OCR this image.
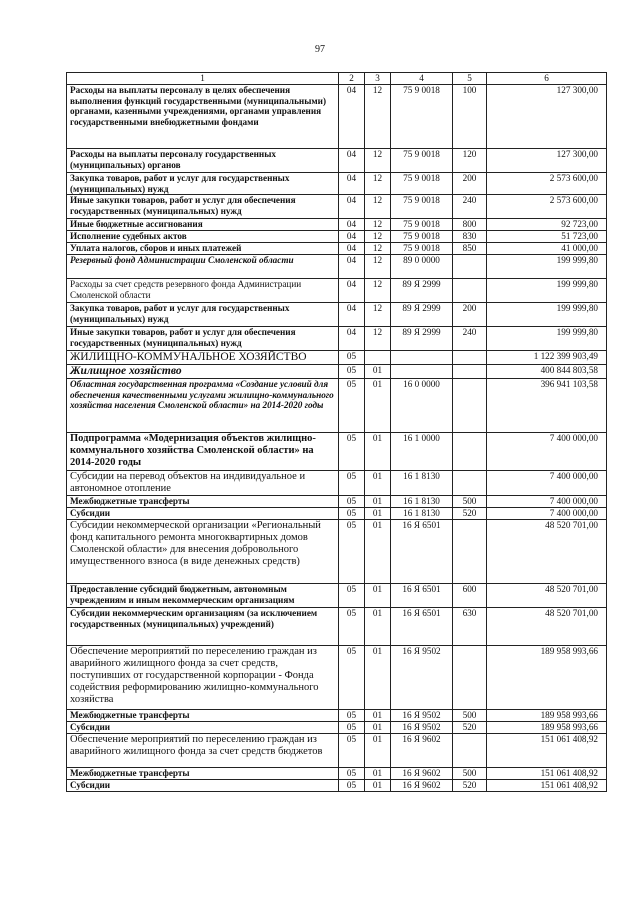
97
1	2	3	4	5	6
Расходы на выплаты персоналу в целях обеспечения выполнения функций государственными (муниципальными) органами, казенными учреждениями, органами управления государственными внебюджетными фондами	04	12	75 9 0018	100	127 300,00
Расходы на выплаты персоналу государственных (муниципальных) органов	04	12	75 9 0018	120	127 300,00
Закупка товаров, работ и услуг для государственных (муниципальных) нужд	04	12	75 9 0018	200	2 573 600,00
Иные закупки товаров, работ и услуг для обеспечения государственных (муниципальных) нужд	04	12	75 9 0018	240	2 573 600,00
Иные бюджетные ассигнования	04	12	75 9 0018	800	92 723,00
Исполнение судебных актов	04	12	75 9 0018	830	51 723,00
Уплата налогов, сборов и иных платежей	04	12	75 9 0018	850	41 000,00
Резервный фонд Администрации Смоленской области	04	12	89 0 0000		199 999,80
Расходы за счет средств резервного фонда Администрации Смоленской области	04	12	89 Я 2999		199 999,80
Закупка товаров, работ и услуг для государственных (муниципальных) нужд	04	12	89 Я 2999	200	199 999,80
Иные закупки товаров, работ и услуг для обеспечения государственных (муниципальных) нужд	04	12	89 Я 2999	240	199 999,80
ЖИЛИЩНО-КОММУНАЛЬНОЕ ХОЗЯЙСТВО	05				1 122 399 903,49
Жилищное хозяйство	05	01			400 844 803,58
Областная государственная программа «Создание условий для обеспечения качественными услугами жилищно-коммунального хозяйства населения Смоленской области» на 2014-2020 годы	05	01	16 0 0000		396 941 103,58
Подпрограмма «Модернизация объектов жилищно-коммунального хозяйства Смоленской области» на 2014-2020 годы	05	01	16 1 0000		7 400 000,00
Субсидии на перевод объектов на индивидуальное и автономное отопление	05	01	16 1 8130		7 400 000,00
Межбюджетные трансферты	05	01	16 1 8130	500	7 400 000,00
Субсидии	05	01	16 1 8130	520	7 400 000,00
Субсидии некоммерческой организации «Региональный фонд капитального ремонта многоквартирных домов Смоленской области» для внесения добровольного имущественного взноса (в виде денежных средств)	05	01	16 Я 6501		48 520 701,00
Предоставление субсидий бюджетным, автономным учреждениям и иным некоммерческим организациям	05	01	16 Я 6501	600	48 520 701,00
Субсидии некоммерческим организациям (за исключением государственных (муниципальных) учреждений)	05	01	16 Я 6501	630	48 520 701,00
Обеспечение мероприятий по переселению граждан из аварийного жилищного фонда за счет средств, поступивших от государственной корпорации - Фонда содействия реформированию жилищно-коммунального хозяйства	05	01	16 Я 9502		189 958 993,66
Межбюджетные трансферты	05	01	16 Я 9502	500	189 958 993,66
Субсидии	05	01	16 Я 9502	520	189 958 993,66
Обеспечение мероприятий по переселению граждан из аварийного жилищного фонда за счет средств бюджетов	05	01	16 Я 9602		151 061 408,92
Межбюджетные трансферты	05	01	16 Я 9602	500	151 061 408,92
Субсидии	05	01	16 Я 9602	520	151 061 408,92
